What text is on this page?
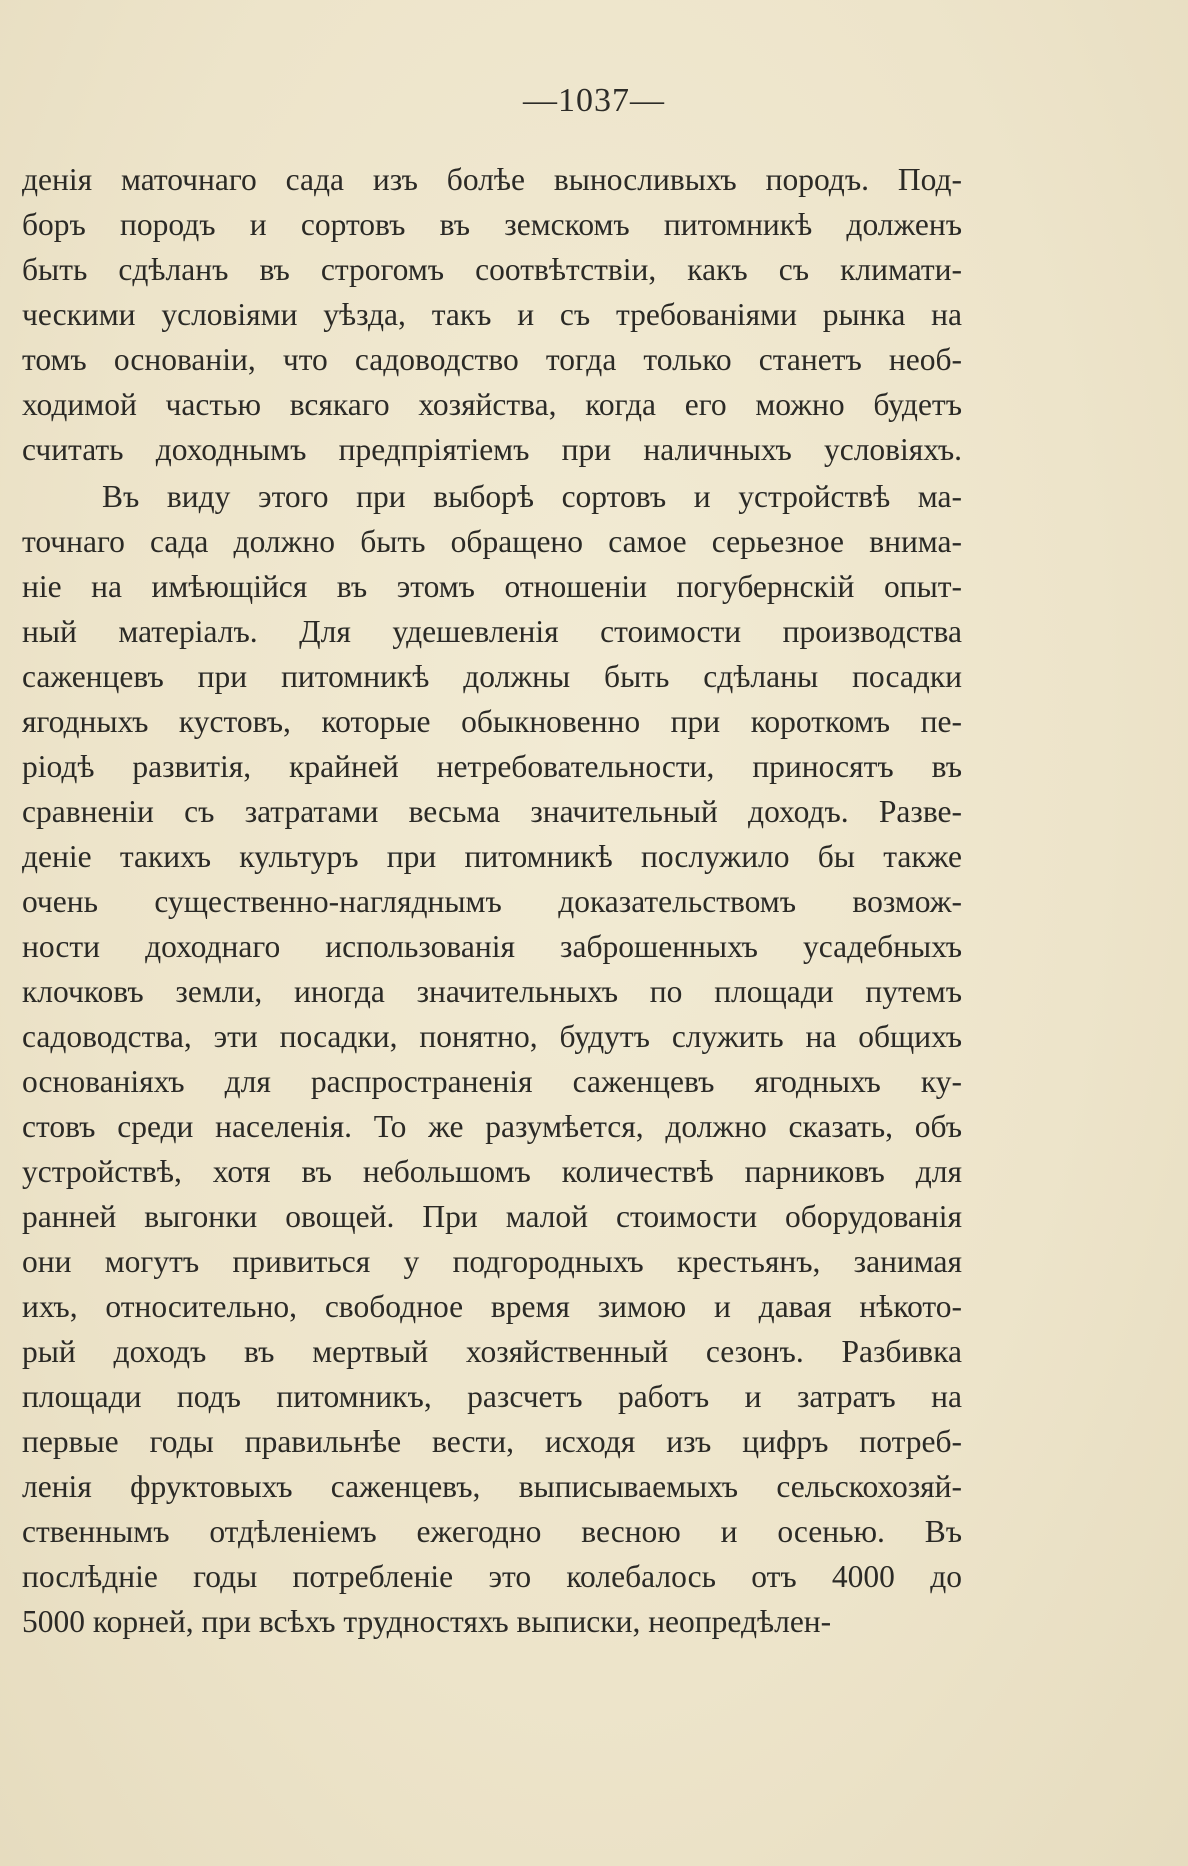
—1037—
денія маточнаго сада изъ болѣе выносливыхъ породъ. Под-
боръ породъ и сортовъ въ земскомъ питомникѣ долженъ
быть сдѣланъ въ строгомъ соотвѣтствіи, какъ съ климати-
ческими условіями уѣзда, такъ и съ требованіями рынка на
томъ основаніи, что садоводство тогда только станетъ необ-
ходимой частью всякаго хозяйства, когда его можно будетъ
считать доходнымъ предпріятіемъ при наличныхъ условіяхъ.
Въ виду этого при выборѣ сортовъ и устройствѣ ма-
точнаго сада должно быть обращено самое серьезное внима-
ніе на имѣющійся въ этомъ отношеніи погубернскій опыт-
ный матеріалъ. Для удешевленія стоимости производства
саженцевъ при питомникѣ должны быть сдѣланы посадки
ягодныхъ кустовъ, которые обыкновенно при короткомъ пе-
ріодѣ развитія, крайней нетребовательности, приносятъ въ
сравненіи съ затратами весьма значительный доходъ. Разве-
деніе такихъ культуръ при питомникѣ послужило бы также
очень существенно-нагляднымъ доказательствомъ возмож-
ности доходнаго использованія заброшенныхъ усадебныхъ
клочковъ земли, иногда значительныхъ по площади путемъ
садоводства, эти посадки, понятно, будутъ служить на общихъ
основаніяхъ для распространенія саженцевъ ягодныхъ ку-
стовъ среди населенія. То же разумѣется, должно сказать, объ
устройствѣ, хотя въ небольшомъ количествѣ парниковъ для
ранней выгонки овощей. При малой стоимости оборудованія
они могутъ привиться у подгородныхъ крестьянъ, занимая
ихъ, относительно, свободное время зимою и давая нѣкото-
рый доходъ въ мертвый хозяйственный сезонъ. Разбивка
площади подъ питомникъ, разсчетъ работъ и затратъ на
первые годы правильнѣе вести, исходя изъ цифръ потреб-
ленія фруктовыхъ саженцевъ, выписываемыхъ сельскохозяй-
ственнымъ отдѣленіемъ ежегодно весною и осенью. Въ
послѣдніе годы потребленіе это колебалось отъ 4000 до
5000 корней, при всѣхъ трудностяхъ выписки, неопредѣлен-
